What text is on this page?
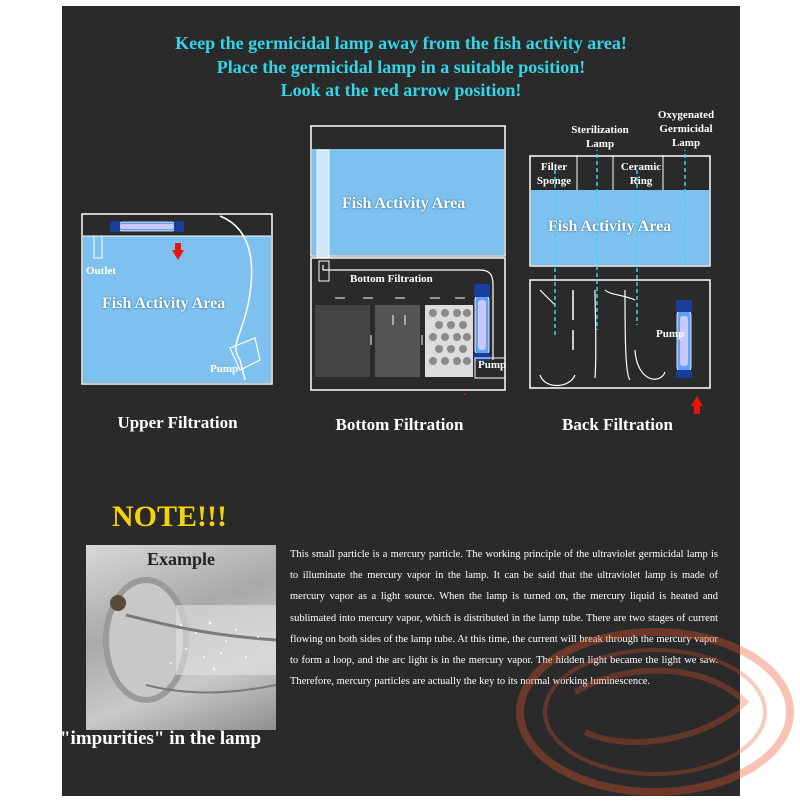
Keep the germicidal lamp away from the fish activity area!
Place the germicidal lamp in a suitable position!
Look at the red arrow position!
Outlet
Fish Activity Area
Pump
Upper Filtration
Fish Activity Area
Bottom Filtration
Pump
Bottom Filtration
Sterilization Lamp
Oxygenated Germicidal Lamp
Filter Sponge
Ceramic Ring
Fish Activity Area
Pump
Back Filtration
NOTE!!!
Example
"impurities" in the lamp
This small particle is a mercury particle. The working principle of the ultraviolet germicidal lamp is to illuminate the mercury vapor in the lamp. It can be said that the ultraviolet lamp is made of mercury vapor as a light source. When the lamp is turned on, the mercury liquid is heated and sublimated into mercury vapor, which is distributed in the lamp tube. There are two stages of current flowing on both sides of the lamp tube. At this time, the current will break through the mercury vapor to form a loop, and the arc light is in the mercury vapor. The hidden light became the light we saw. Therefore, mercury particles are actually the key to its normal working luminescence.
